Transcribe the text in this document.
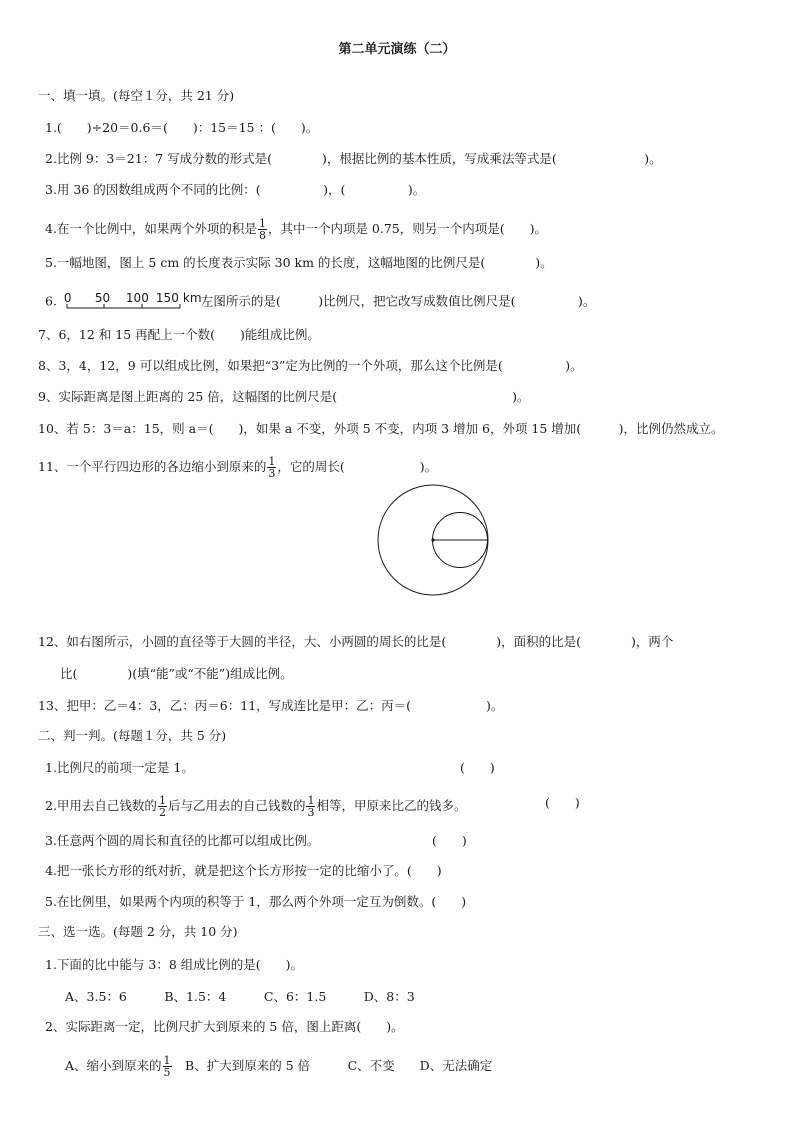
第二单元演练（二）
一、填一填。(每空１分，共 21 分)
1.(　　)÷20＝0.6＝(　　)：15＝15 ：(　　)。
2.比例 9：3＝21：7 写成分数的形式是(　　　　)，根据比例的基本性质，写成乘法等式是(　　　　　　　)。
3.用 36 的因数组成两个不同的比例：(　　　　　)，(　　　　　)。
4.在一个比例中，如果两个外项的积是 $\frac{1}{8}$ ，其中一个内项是 0.75，则另一个内项是(　　)。
5.一幅地图，图上 5 cm 的长度表示实际 30 km 的长度，这幅地图的比例尺是(　　　　)。
6. 0 50 100 150 km 左图所示的是(　　　)比例尺，把它改写成数值比例尺是(　　　　　)。
7、6，12 和 15 再配上一个数(　　)能组成比例。
8、3，4，12，9 可以组成比例，如果把“3”定为比例的一个外项，那么这个比例是(　　　　　)。
9、实际距离是图上距离的 25 倍，这幅图的比例尺是(　　　　　　　　　　　　　　)。
10、若 5：3＝a：15，则 a＝(　　)，如果 a 不变，外项 5 不变，内项 3 增加 6，外项 15 增加(　　　)，比例仍然成立。
11、一个平行四边形的各边缩小到原来的 $\frac{1}{3}$ ，它的周长(　　　　　　)。
12、如右图所示，小圆的直径等于大圆的半径，大、小两圆的周长的比是(　　　　)，面积的比是(　　　　)，两个
比(　　　　)(填“能”或“不能”)组成比例。
13、把甲：乙＝4：3，乙：丙＝6：11，写成连比是甲：乙：丙＝(　　　　　　)。
二、判一判。(每题１分，共 5 分)
1.比例尺的前项一定是 1。	(　　)
2.甲用去自己钱数的 $\frac{1}{2}$ 后与乙用去的自己钱数的 $\frac{1}{3}$ 相等，甲原来比乙的钱多。	(　　)
3.任意两个圆的周长和直径的比都可以组成比例。	(　　)
4.把一张长方形的纸对折，就是把这个长方形按一定的比缩小了。(　　)
5.在比例里，如果两个内项的积等于 1，那么两个外项一定互为倒数。(　　)
三、选一选。(每题 2 分，共 10 分)
1.下面的比中能与 3：8 组成比例的是(　　)。
A、3.5：6　　　B、1.5：4　　　C、6：1.5　　　D、8：3
2、实际距离一定，比例尺扩大到原来的 5 倍，图上距离(　　)。
A、缩小到原来的 $\frac{1}{5}$ 　B、扩大到原来的 5 倍　　　C、不变　　D、无法确定
